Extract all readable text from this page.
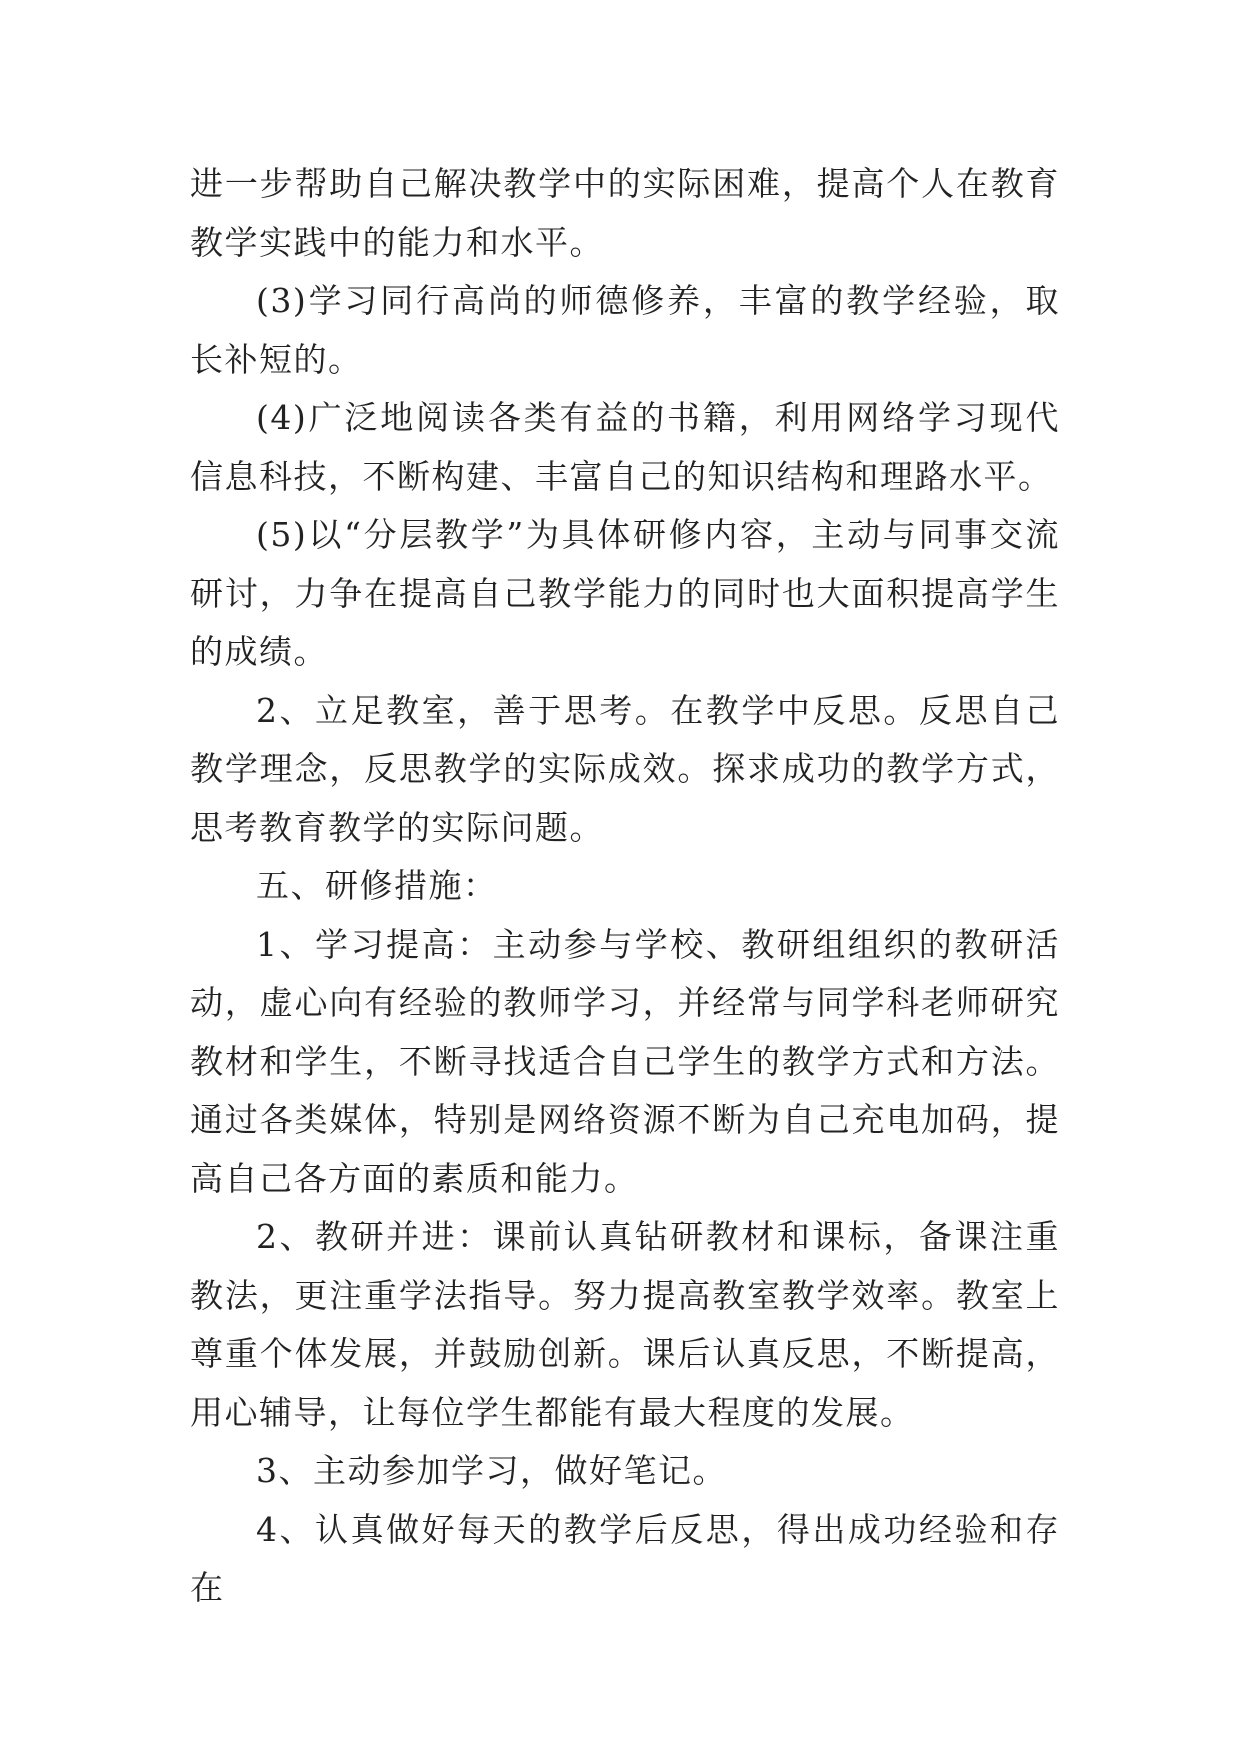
进一步帮助自己解决教学中的实际困难，提高个人在教育教学实践中的能力和水平。

(3)学习同行高尚的师德修养，丰富的教学经验，取长补短的。

(4)广泛地阅读各类有益的书籍，利用网络学习现代信息科技，不断构建、丰富自己的知识结构和理路水平。

(5)以“分层教学”为具体研修内容，主动与同事交流研讨，力争在提高自己教学能力的同时也大面积提高学生的成绩。

2、立足教室，善于思考。在教学中反思。反思自己教学理念，反思教学的实际成效。探求成功的教学方式，思考教育教学的实际问题。

五、研修措施：

1、学习提高：主动参与学校、教研组组织的教研活动，虚心向有经验的教师学习，并经常与同学科老师研究教材和学生，不断寻找适合自己学生的教学方式和方法。通过各类媒体，特别是网络资源不断为自己充电加码，提高自己各方面的素质和能力。

2、教研并进：课前认真钻研教材和课标，备课注重教法，更注重学法指导。努力提高教室教学效率。教室上尊重个体发展，并鼓励创新。课后认真反思，不断提高，用心辅导，让每位学生都能有最大程度的发展。

3、主动参加学习，做好笔记。

4、认真做好每天的教学后反思，得出成功经验和存在
